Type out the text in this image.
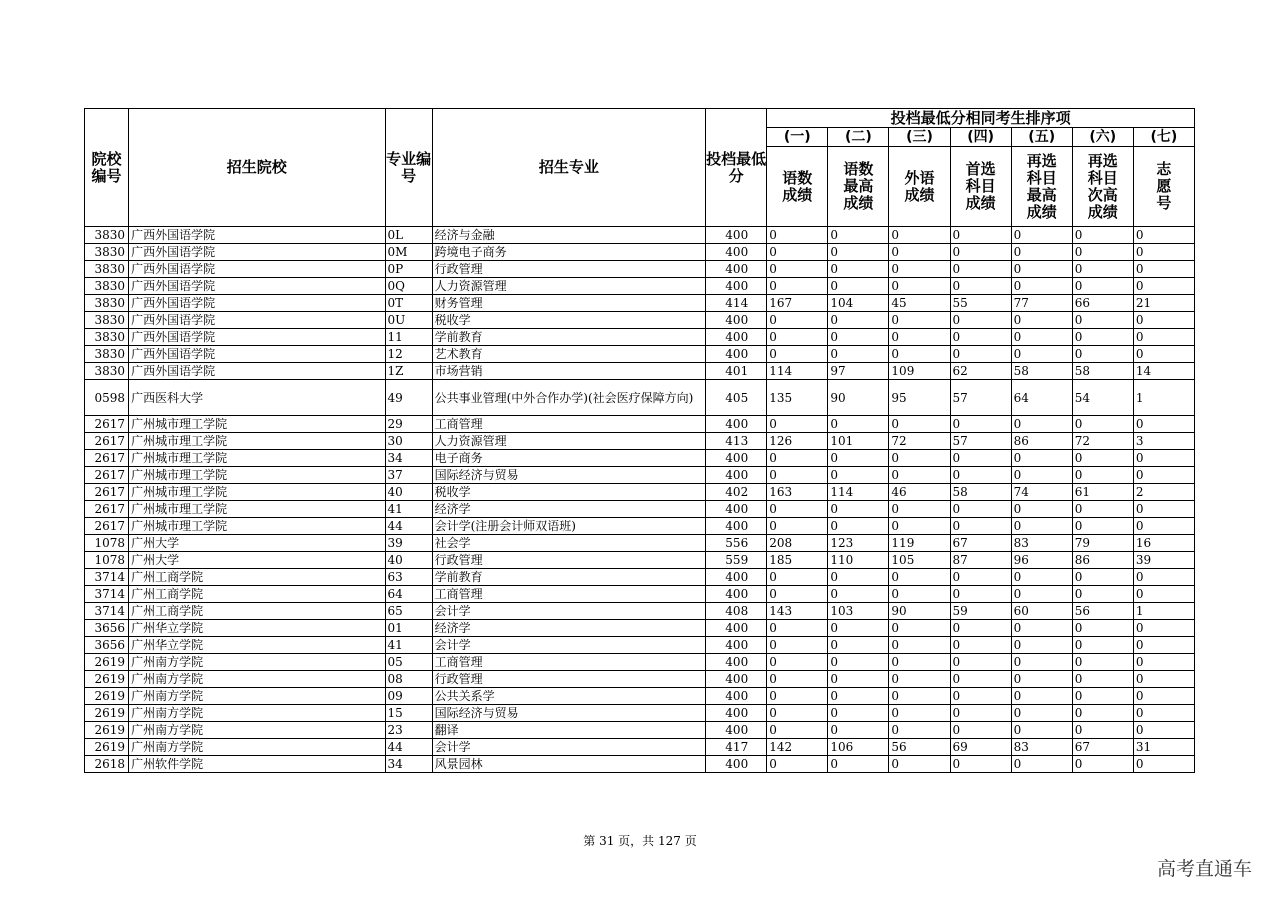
院校编号	招生院校	专业编号	招生专业	投档最低分	投档最低分相同考生排序项						
					(一)	(二)	(三)	(四)	(五)	(六)	(七)
					语数成绩	语数最高成绩	外语成绩	首选科目成绩	再选科目最高成绩	再选科目次高成绩	志愿号
3830	广西外国语学院	0L	经济与金融	400	0	0	0	0	0	0	0
3830	广西外国语学院	0M	跨境电子商务	400	0	0	0	0	0	0	0
3830	广西外国语学院	0P	行政管理	400	0	0	0	0	0	0	0
3830	广西外国语学院	0Q	人力资源管理	400	0	0	0	0	0	0	0
3830	广西外国语学院	0T	财务管理	414	167	104	45	55	77	66	21
3830	广西外国语学院	0U	税收学	400	0	0	0	0	0	0	0
3830	广西外国语学院	11	学前教育	400	0	0	0	0	0	0	0
3830	广西外国语学院	12	艺术教育	400	0	0	0	0	0	0	0
3830	广西外国语学院	1Z	市场营销	401	114	97	109	62	58	58	14
0598	广西医科大学	49	公共事业管理(中外合作办学)(社会医疗保障方向)	405	135	90	95	57	64	54	1
2617	广州城市理工学院	29	工商管理	400	0	0	0	0	0	0	0
2617	广州城市理工学院	30	人力资源管理	413	126	101	72	57	86	72	3
2617	广州城市理工学院	34	电子商务	400	0	0	0	0	0	0	0
2617	广州城市理工学院	37	国际经济与贸易	400	0	0	0	0	0	0	0
2617	广州城市理工学院	40	税收学	402	163	114	46	58	74	61	2
2617	广州城市理工学院	41	经济学	400	0	0	0	0	0	0	0
2617	广州城市理工学院	44	会计学(注册会计师双语班)	400	0	0	0	0	0	0	0
1078	广州大学	39	社会学	556	208	123	119	67	83	79	16
1078	广州大学	40	行政管理	559	185	110	105	87	96	86	39
3714	广州工商学院	63	学前教育	400	0	0	0	0	0	0	0
3714	广州工商学院	64	工商管理	400	0	0	0	0	0	0	0
3714	广州工商学院	65	会计学	408	143	103	90	59	60	56	1
3656	广州华立学院	01	经济学	400	0	0	0	0	0	0	0
3656	广州华立学院	41	会计学	400	0	0	0	0	0	0	0
2619	广州南方学院	05	工商管理	400	0	0	0	0	0	0	0
2619	广州南方学院	08	行政管理	400	0	0	0	0	0	0	0
2619	广州南方学院	09	公共关系学	400	0	0	0	0	0	0	0
2619	广州南方学院	15	国际经济与贸易	400	0	0	0	0	0	0	0
2619	广州南方学院	23	翻译	400	0	0	0	0	0	0	0
2619	广州南方学院	44	会计学	417	142	106	56	69	83	67	31
2618	广州软件学院	34	风景园林	400	0	0	0	0	0	0	0
第 31 页，共 127 页
高考直通车
